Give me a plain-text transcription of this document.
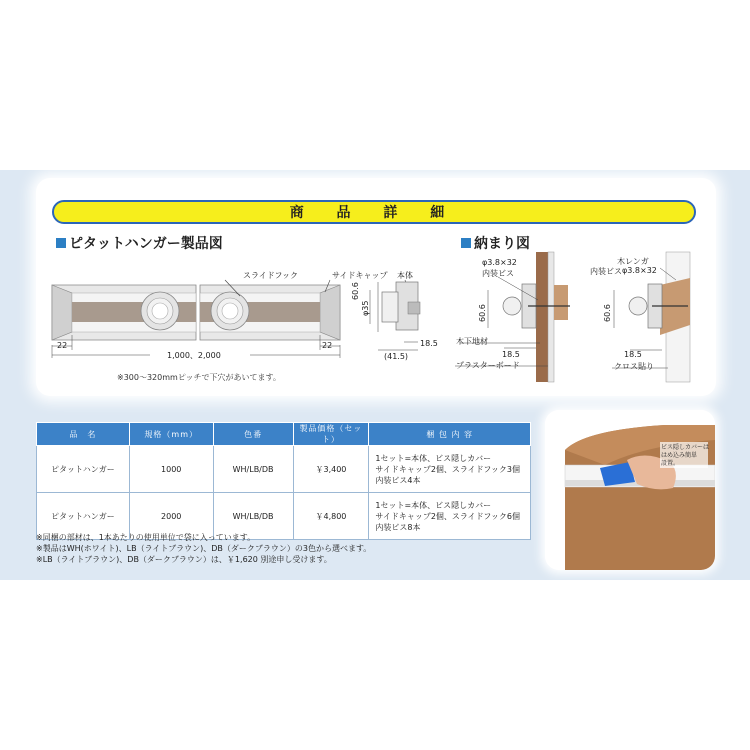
商 品 詳 細
ピタットハンガー製品図	納まり図
スライドフック	サイドキャップ 本体
22	22
1,000、2,000
60.6
φ35
(41.5)
18.5
※300～320mmピッチで下穴があいてます。
φ3.8×32
内装ビス
60.6
木下地材
18.5
プラスターボード
木レンガ
内装ビス φ3.8×32
60.6
18.5
クロス貼り
品　名	規格（mm）	色番	製品価格（セット）	梱 包 内 容
ピタットハンガー	1000	WH/LB/DB	￥3,400	1セット=本体、ビス隠しカバー
サイドキャップ2個、スライドフック3個
内装ビス4本

ピタットハンガー	2000	WH/LB/DB	￥4,800	1セット=本体、ビス隠しカバー
サイドキャップ2個、スライドフック6個
内装ビス8本
※同梱の部材は、1本あたりの使用単位で袋に入っています。
※製品はWH(ホワイト)、LB（ライトブラウン)、DB（ダークブラウン）の3色から選べます。
※LB（ライトブラウン)、DB（ダークブラウン）は、￥1,620 別途申し受けます。
ビス隠しカバーは
はめ込み簡単
設置。
